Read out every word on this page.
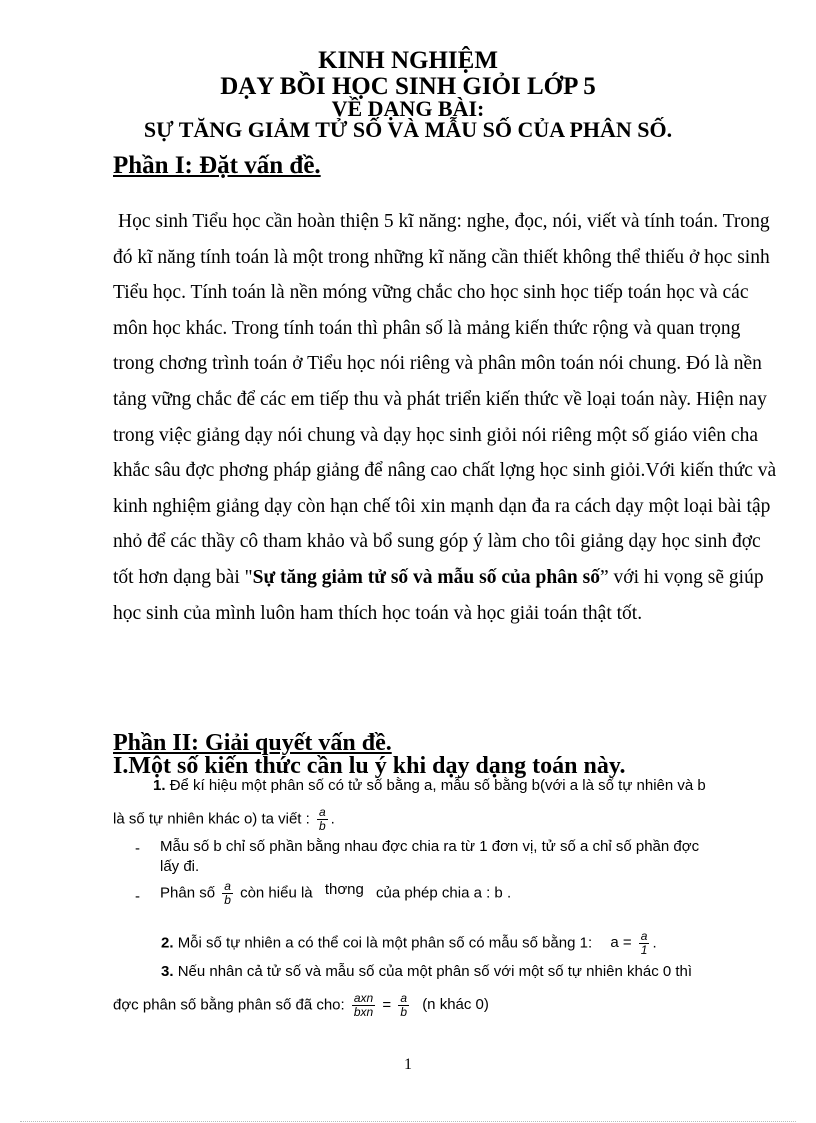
KINH NGHIỆM
DẠY BỒI HỌC SINH GIỎI LỚP 5
VỀ DẠNG BÀI:
SỰ TĂNG GIẢM TỬ SỐ VÀ MẪU SỐ CỦA PHÂN SỐ.
Phần I: Đặt vấn đề.

Học sinh Tiểu học cần hoàn thiện 5 kĩ năng: nghe, đọc, nói, viết và tính toán. Trong đó kĩ năng tính toán là một trong những kĩ năng cần thiết không thể thiếu ở học sinh Tiểu học. Tính toán là nền móng vững chắc cho học sinh học tiếp toán học và các môn học khác. Trong tính toán thì phân số là mảng kiến thức rộng và quan trọng trong chơng trình toán ở Tiểu học nói riêng và phân môn toán nói chung. Đó là nền tảng vững chắc để các em tiếp thu và phát triển kiến thức về loại toán này. Hiện nay trong việc giảng dạy nói chung và dạy học sinh giỏi nói riêng một số giáo viên cha khắc sâu đợc phơng pháp giảng để nâng cao chất lợng học sinh giỏi.Với kiến thức và kinh nghiệm giảng dạy còn hạn chế tôi xin mạnh dạn đa ra cách dạy một loại bài tập nhỏ để các thầy cô tham khảo và bổ sung góp ý làm cho tôi giảng dạy học sinh đợc tốt hơn dạng bài "Sự tăng giảm tử số và mẫu số của phân số” với hi vọng sẽ giúp học sinh của mình luôn ham thích học toán và học giải toán thật tốt.

Phần II: Giải quyết vấn đề.
I.Một số kiến thức cần lu ý khi dạy dạng toán này.
1. Để kí hiệu một phân số có tử số bằng a, mẫu số bằng b(với a là số tự nhiên và b
là số tự nhiên khác o) ta viết : $\frac{a}{b}$ .
- Mẫu số b chỉ số phần bằng nhau đợc chia ra từ 1 đơn vị, tử số a chỉ số phần đợc
lấy đi.
- Phân số $\frac{a}{b}$ còn hiểu là thơng của phép chia a : b .
2. Mỗi số tự nhiên a có thể coi là một phân số có mẫu số bằng 1: $a = \frac{a}{1}$ .
3. Nếu nhân cả tử số và mẫu số của một phân số với một số tự nhiên khác 0 thì
đợc phân số bằng phân số đã cho: $\frac{\text{axn}}{\text{bxn}} = \frac{a}{b} (n$ khác 0)
1
